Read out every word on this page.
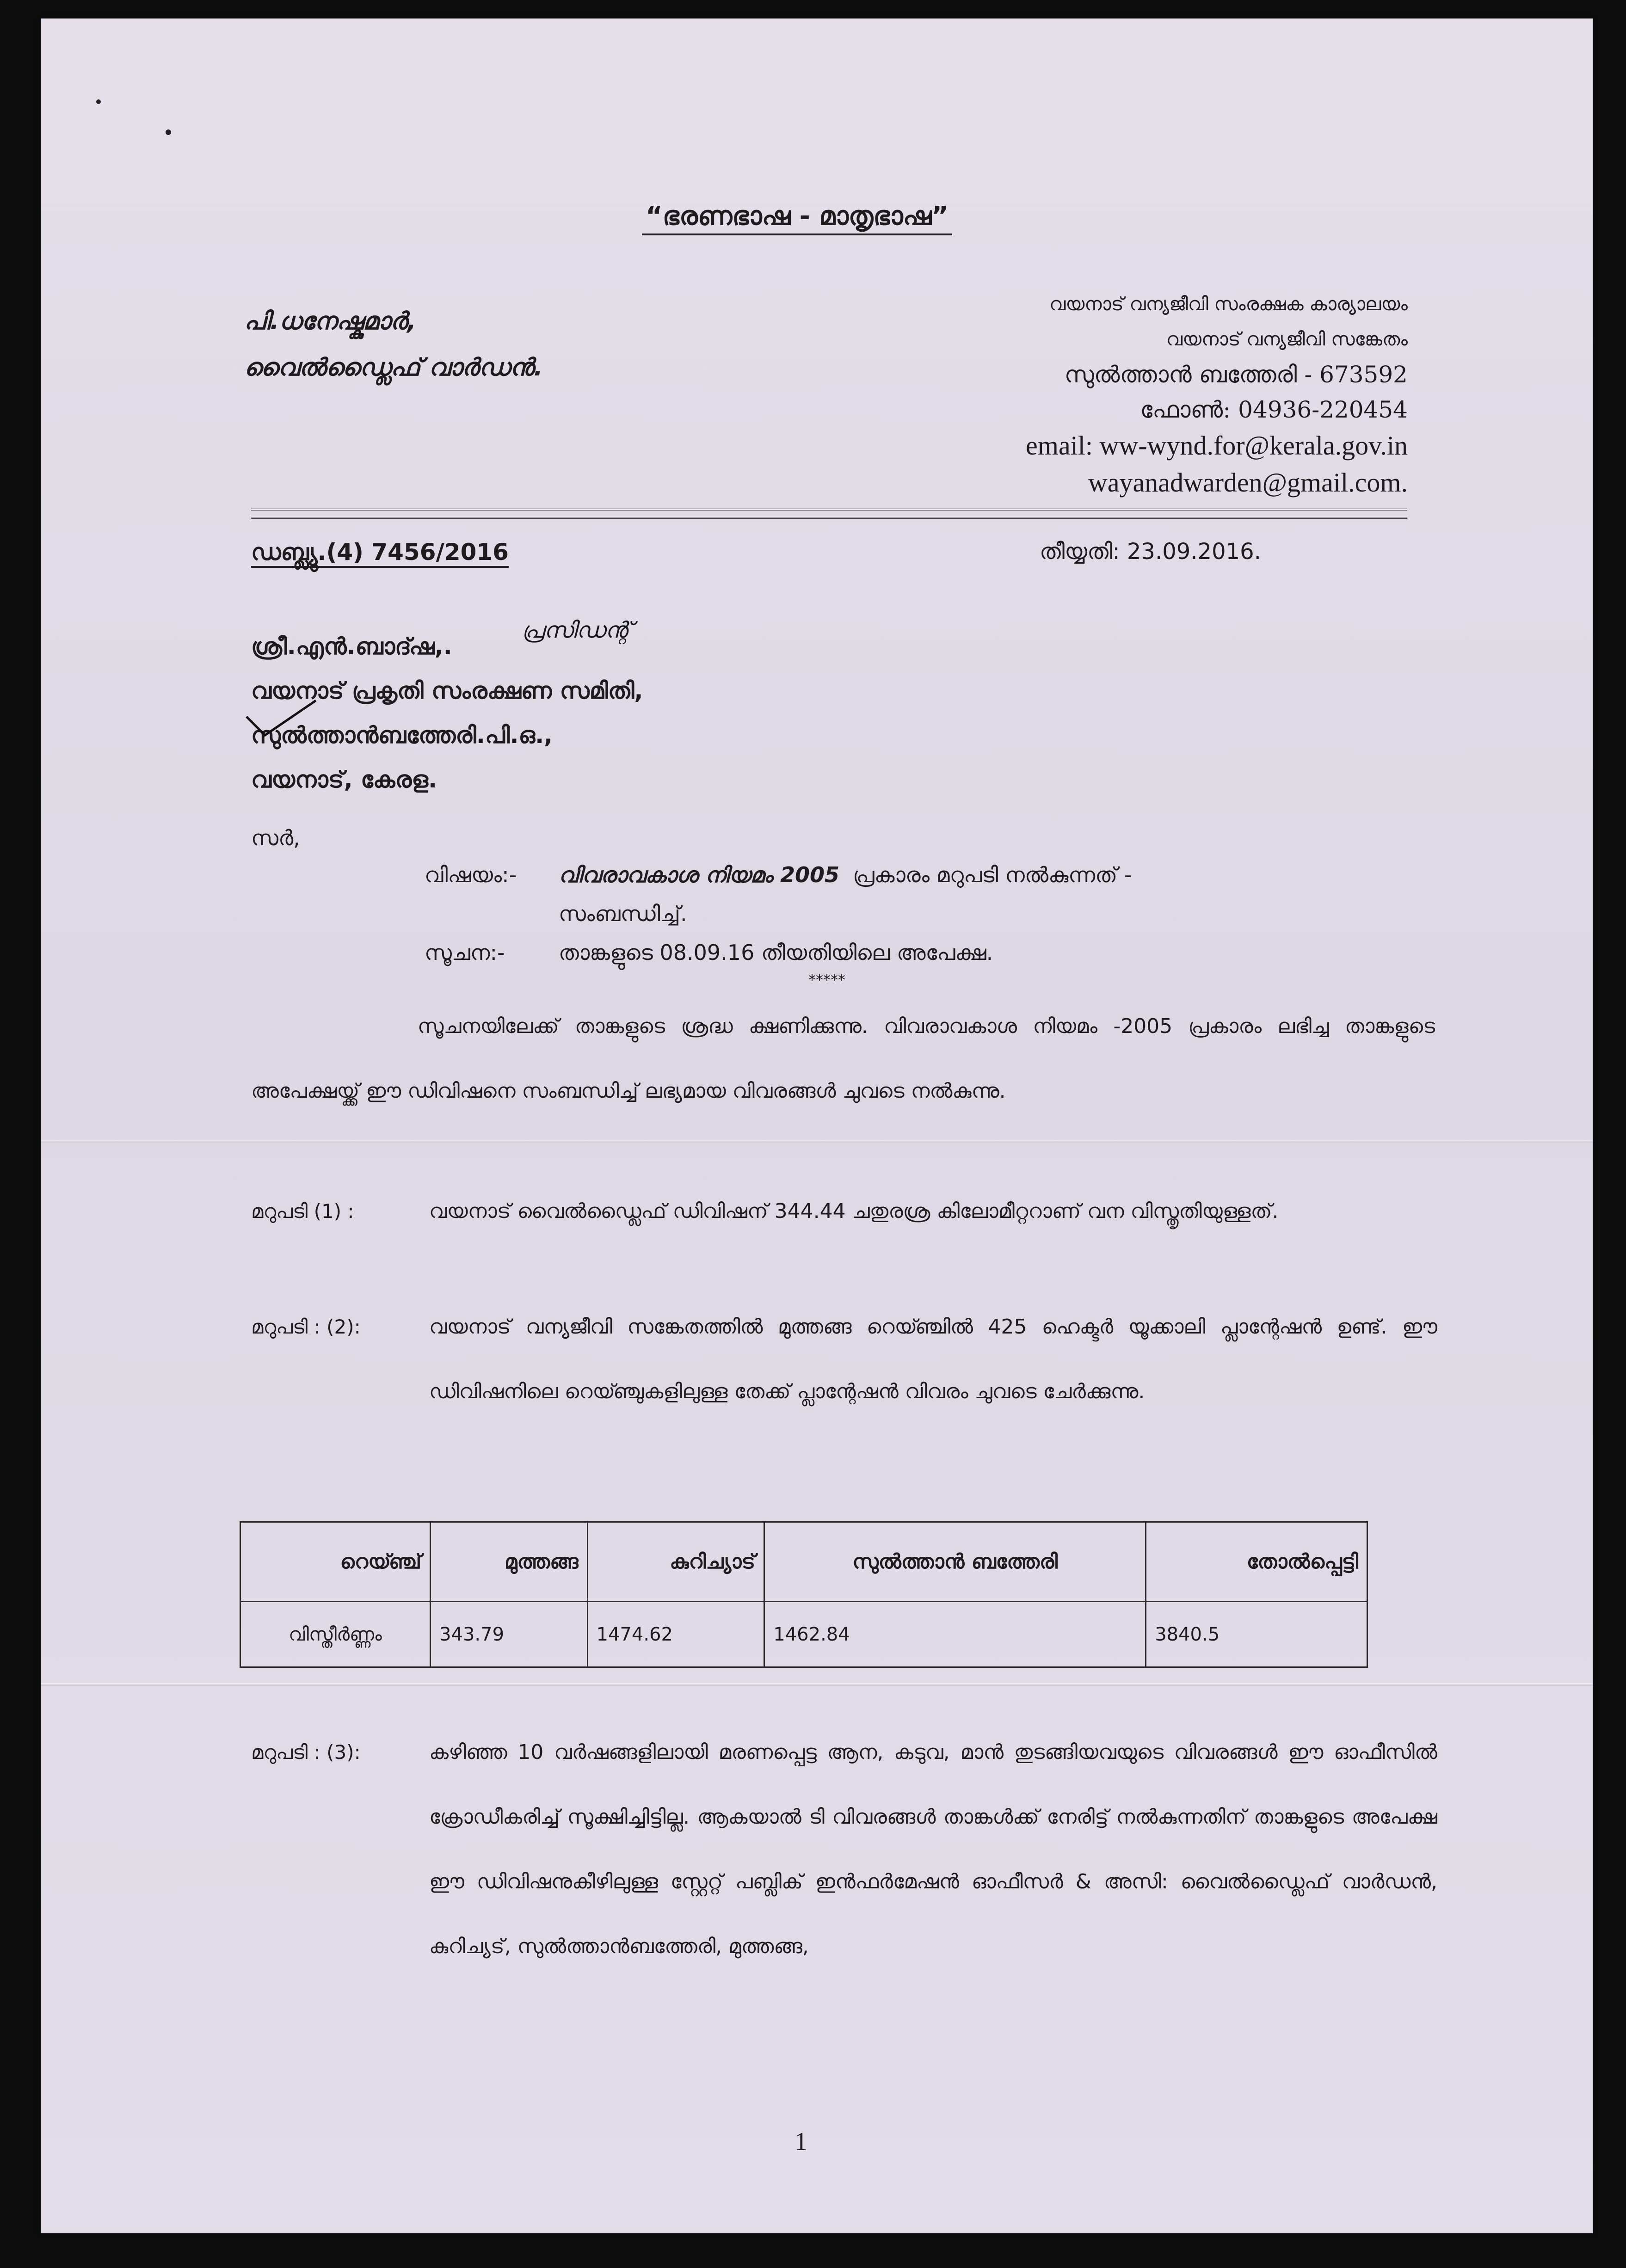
“ഭരണഭാഷ - മാതൃഭാഷ”
പി.ധനേഷ്കുമാർ,
വൈൽഡ്ലൈഫ് വാർഡൻ.
വയനാട് വന്യജീവി സംരക്ഷക കാര്യാലയം
വയനാട് വന്യജീവി സങ്കേതം
സുൽത്താൻ ബത്തേരി - 673592
ഫോൺ: 04936-220454
email: ww-wynd.for@kerala.gov.in
wayanadwarden@gmail.com.
ഡബ്ല്യു.(4) 7456/2016	തീയ്യതി: 23.09.2016.
ശ്രീ.എൻ.ബാദ്ഷ,.
വയനാട് പ്രകൃതി സംരക്ഷണ സമിതി,
സുൽത്താൻബത്തേരി.പി.ഒ.,
വയനാട്, കേരള.
പ്രസിഡന്റ്
സർ,
വിഷയം:- വിവരാവകാശ നിയമം 2005 പ്രകാരം മറുപടി നൽകുന്നത് -
സംബന്ധിച്ച്.
സൂചന:-	താങ്കളുടെ 08.09.16 തീയതിയിലെ അപേക്ഷ.
*****
സൂചനയിലേക്ക് താങ്കളുടെ ശ്രദ്ധ ക്ഷണിക്കുന്നു. വിവരാവകാശ നിയമം -2005 പ്രകാരം ലഭിച്ച താങ്കളുടെ അപേക്ഷയ്ക്ക് ഈ ഡിവിഷനെ സംബന്ധിച്ച് ലഭ്യമായ വിവരങ്ങൾ ചുവടെ നൽകുന്നു.
മറുപടി (1) :	വയനാട് വൈൽഡ്ലൈഫ് ഡിവിഷന് 344.44 ചതുരശ്ര കിലോമീറ്ററാണ് വന വിസ്തൃതിയുള്ളത്.
മറുപടി : (2):	വയനാട് വന്യജീവി സങ്കേതത്തിൽ മുത്തങ്ങ റെയ്ഞ്ചിൽ 425 ഹെക്ടർ യൂക്കാലി പ്ലാന്റേഷൻ ഉണ്ട്. ഈ ഡിവിഷനിലെ റെയ്ഞ്ചുകളിലുള്ള തേക്ക് പ്ലാന്റേഷൻ വിവരം ചുവടെ ചേർക്കുന്നു.
റെയ്ഞ്ച്	മുത്തങ്ങ	കുറിച്യാട്	സുൽത്താൻ ബത്തേരി	തോൽപ്പെട്ടി
വിസ്തീർണ്ണം	343.79	1474.62	1462.84	3840.5
മറുപടി : (3):	കഴിഞ്ഞ 10 വർഷങ്ങളിലായി മരണപ്പെട്ട ആന, കടുവ, മാൻ തുടങ്ങിയവയുടെ വിവരങ്ങൾ ഈ ഓഫീസിൽ ക്രോഡീകരിച്ച് സൂക്ഷിച്ചിട്ടില്ല. ആകയാൽ ടി വിവരങ്ങൾ താങ്കൾക്ക് നേരിട്ട് നൽകുന്നതിന് താങ്കളുടെ അപേക്ഷ ഈ ഡിവിഷനുകീഴിലുള്ള സ്റ്റേറ്റ് പബ്ലിക് ഇൻഫർമേഷൻ ഓഫീസർ & അസി: വൈൽഡ്ലൈഫ് വാർഡൻ, കുറിച്യട്, സുൽത്താൻബത്തേരി, മുത്തങ്ങ,
1
